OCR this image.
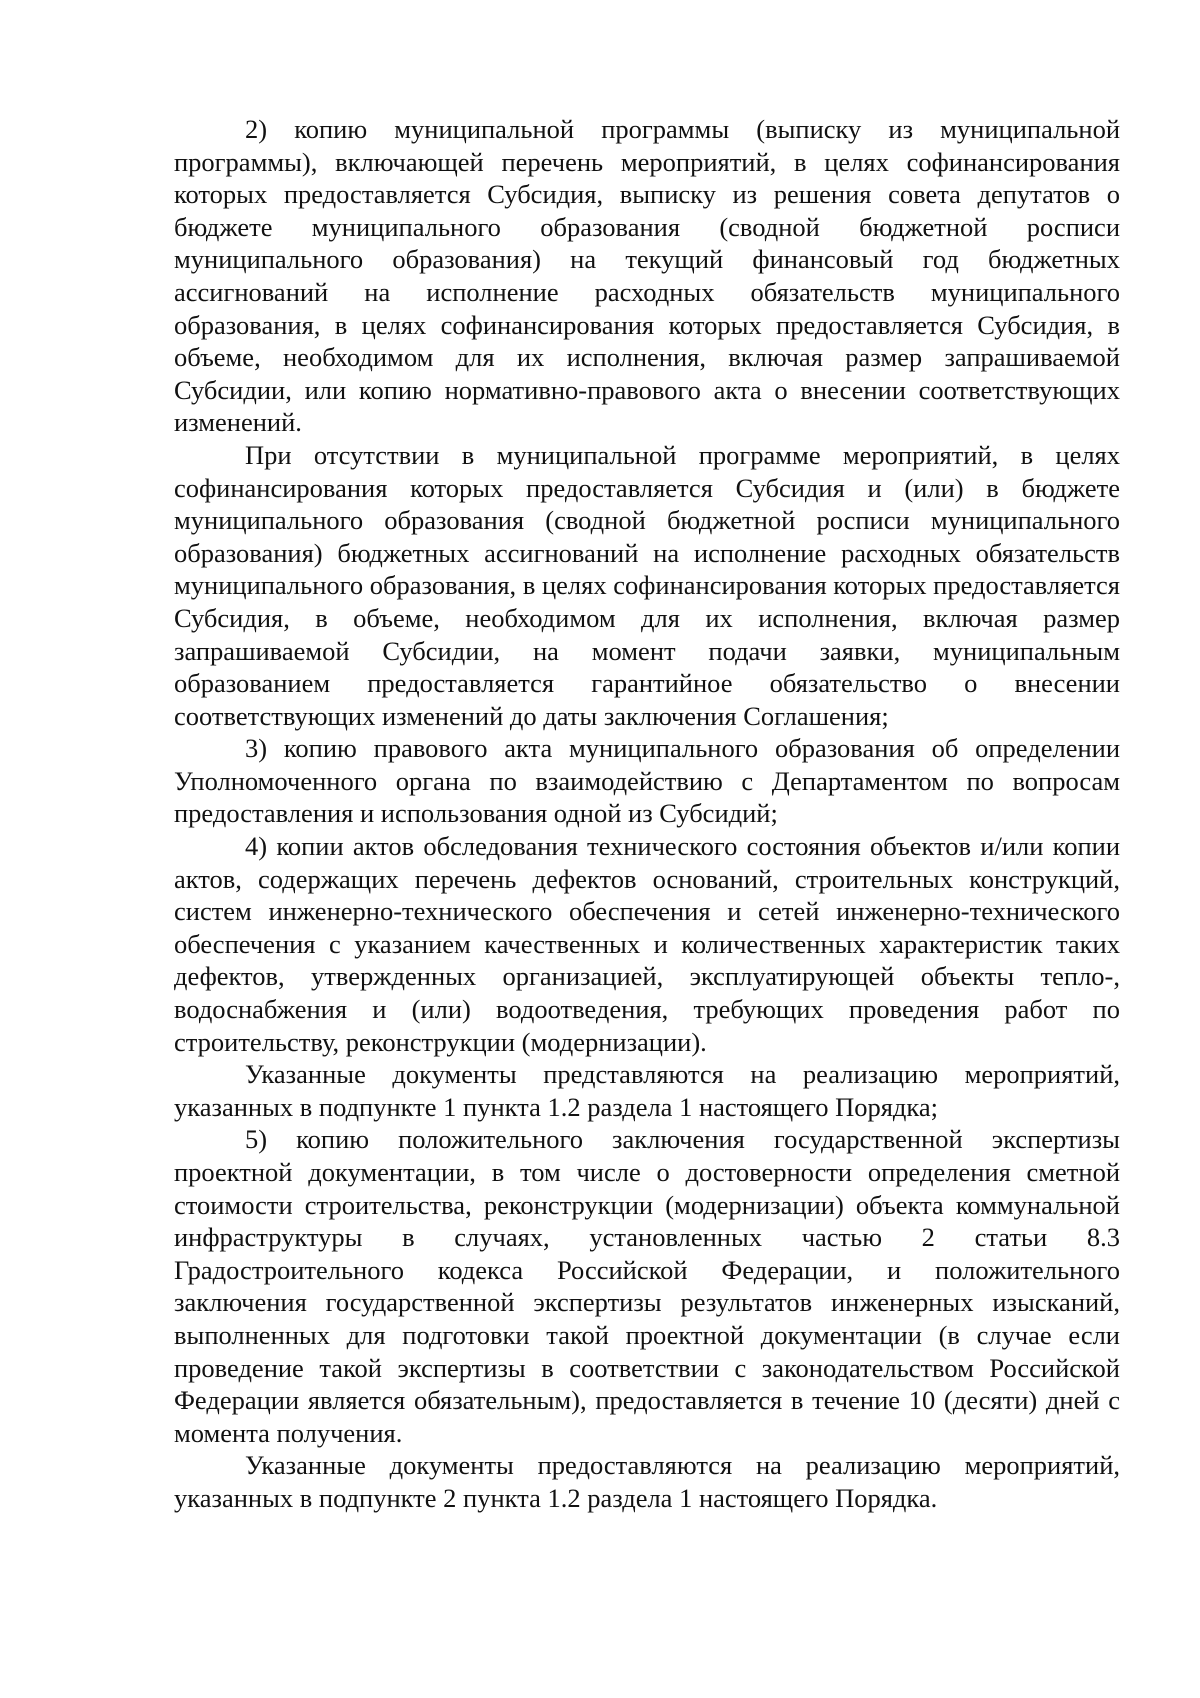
2) копию муниципальной программы (выписку из муниципальной программы), включающей перечень мероприятий, в целях софинансирования которых предоставляется Субсидия, выписку из решения совета депутатов о бюджете муниципального образования (сводной бюджетной росписи муниципального образования) на текущий финансовый год бюджетных ассигнований на исполнение расходных обязательств муниципального образования, в целях софинансирования которых предоставляется Субсидия, в объеме, необходимом для их исполнения, включая размер запрашиваемой Субсидии, или копию нормативно-правового акта о внесении соответствующих изменений.

При отсутствии в муниципальной программе мероприятий, в целях софинансирования которых предоставляется Субсидия и (или) в бюджете муниципального образования (сводной бюджетной росписи муниципального образования) бюджетных ассигнований на исполнение расходных обязательств муниципального образования, в целях софинансирования которых предоставляется Субсидия, в объеме, необходимом для их исполнения, включая размер запрашиваемой Субсидии, на момент подачи заявки, муниципальным образованием предоставляется гарантийное обязательство о внесении соответствующих изменений до даты заключения Соглашения;

3) копию правового акта муниципального образования об определении Уполномоченного органа по взаимодействию с Департаментом по вопросам предоставления и использования одной из Субсидий;

4) копии актов обследования технического состояния объектов и/или копии актов, содержащих перечень дефектов оснований, строительных конструкций, систем инженерно-технического обеспечения и сетей инженерно-технического обеспечения с указанием качественных и количественных характеристик таких дефектов, утвержденных организацией, эксплуатирующей объекты тепло-, водоснабжения и (или) водоотведения, требующих проведения работ по строительству, реконструкции (модернизации).

Указанные документы представляются на реализацию мероприятий, указанных в подпункте 1 пункта 1.2 раздела 1 настоящего Порядка;

5) копию положительного заключения государственной экспертизы проектной документации, в том числе о достоверности определения сметной стоимости строительства, реконструкции (модернизации) объекта коммунальной инфраструктуры в случаях, установленных частью 2 статьи 8.3 Градостроительного кодекса Российской Федерации, и положительного заключения государственной экспертизы результатов инженерных изысканий, выполненных для подготовки такой проектной документации (в случае если проведение такой экспертизы в соответствии с законодательством Российской Федерации является обязательным), предоставляется в течение 10 (десяти) дней с момента получения.

Указанные документы предоставляются на реализацию мероприятий, указанных в подпункте 2 пункта 1.2 раздела 1 настоящего Порядка.
